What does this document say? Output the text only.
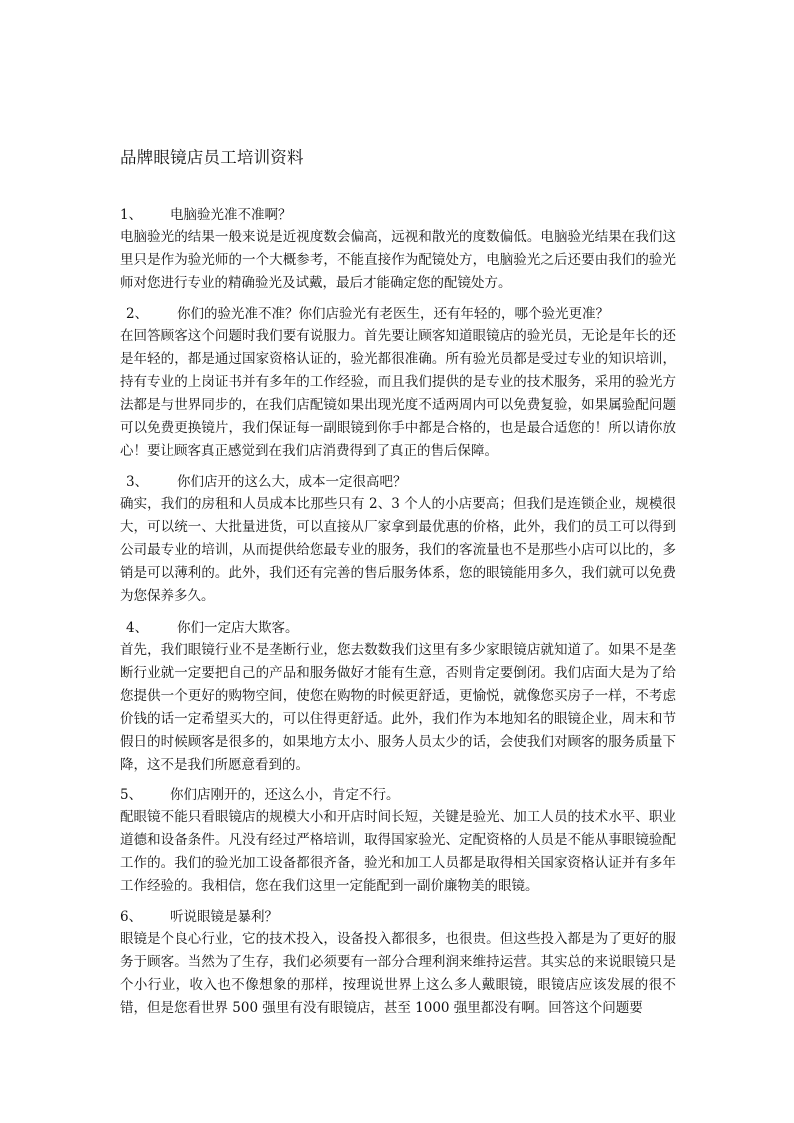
品牌眼镜店员工培训资料
1、 电脑验光准不准啊？
电脑验光的结果一般来说是近视度数会偏高，远视和散光的度数偏低。电脑验光结果在我们这里只是作为验光师的一个大概参考，不能直接作为配镜处方，电脑验光之后还要由我们的验光师对您进行专业的精确验光及试戴，最后才能确定您的配镜处方。
2、 你们的验光准不准？你们店验光有老医生，还有年轻的，哪个验光更准？
在回答顾客这个问题时我们要有说服力。首先要让顾客知道眼镜店的验光员，无论是年长的还是年轻的，都是通过国家资格认证的，验光都很准确。所有验光员都是受过专业的知识培训，持有专业的上岗证书并有多年的工作经验，而且我们提供的是专业的技术服务，采用的验光方法都是与世界同步的，在我们店配镜如果出现光度不适两周内可以免费复验，如果属验配问题可以免费更换镜片，我们保证每一副眼镜到你手中都是合格的，也是最合适您的！所以请你放心！要让顾客真正感觉到在我们店消费得到了真正的售后保障。
3、 你们店开的这么大，成本一定很高吧？
确实，我们的房租和人员成本比那些只有 2、3 个人的小店要高；但我们是连锁企业，规模很大，可以统一、大批量进货，可以直接从厂家拿到最优惠的价格，此外，我们的员工可以得到公司最专业的培训，从而提供给您最专业的服务，我们的客流量也不是那些小店可以比的，多销是可以薄利的。此外，我们还有完善的售后服务体系，您的眼镜能用多久，我们就可以免费为您保养多久。
4、 你们一定店大欺客。
首先，我们眼镜行业不是垄断行业，您去数数我们这里有多少家眼镜店就知道了。如果不是垄断行业就一定要把自己的产品和服务做好才能有生意，否则肯定要倒闭。我们店面大是为了给您提供一个更好的购物空间，使您在购物的时候更舒适，更愉悦，就像您买房子一样，不考虑价钱的话一定希望买大的，可以住得更舒适。此外，我们作为本地知名的眼镜企业，周末和节假日的时候顾客是很多的，如果地方太小、服务人员太少的话，会使我们对顾客的服务质量下降，这不是我们所愿意看到的。
5、 你们店刚开的，还这么小，肯定不行。
配眼镜不能只看眼镜店的规模大小和开店时间长短，关键是验光、加工人员的技术水平、职业道德和设备条件。凡没有经过严格培训，取得国家验光、定配资格的人员是不能从事眼镜验配工作的。我们的验光加工设备都很齐备，验光和加工人员都是取得相关国家资格认证并有多年工作经验的。我相信，您在我们这里一定能配到一副价廉物美的眼镜。
6、 听说眼镜是暴利？
眼镜是个良心行业，它的技术投入，设备投入都很多，也很贵。但这些投入都是为了更好的服务于顾客。当然为了生存，我们必须要有一部分合理利润来维持运营。其实总的来说眼镜只是个小行业，收入也不像想象的那样，按理说世界上这么多人戴眼镜，眼镜店应该发展的很不错，但是您看世界 500 强里有没有眼镜店，甚至 1000 强里都没有啊。回答这个问题要
